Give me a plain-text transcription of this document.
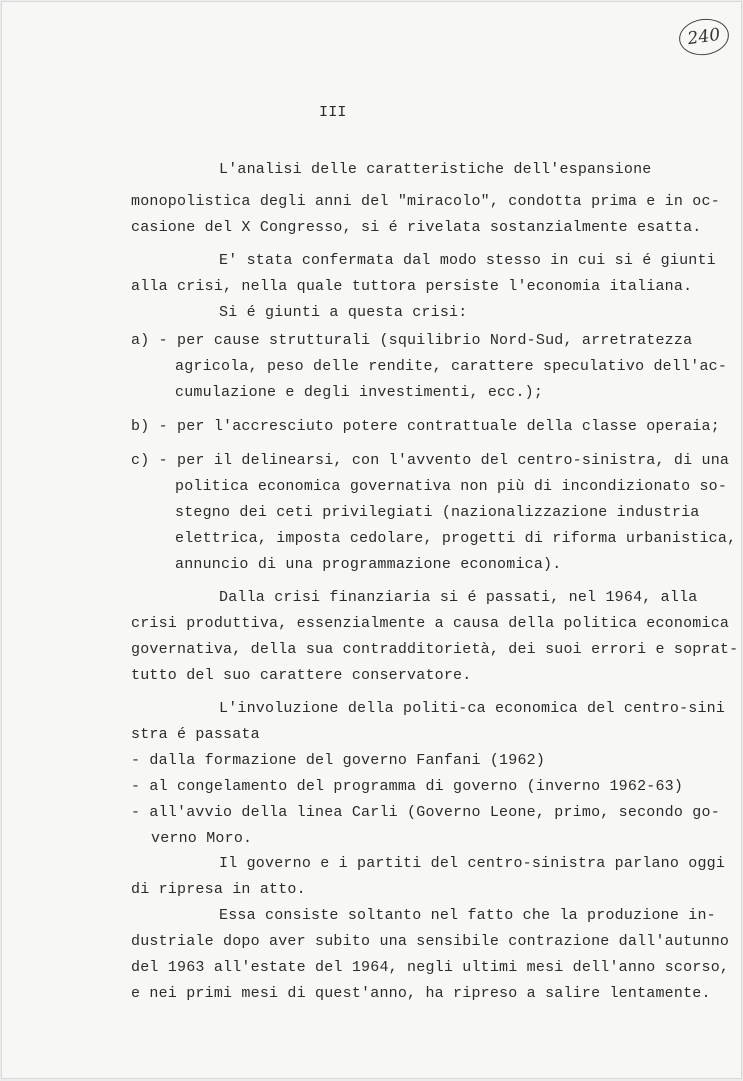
240
III
L'analisi delle caratteristiche dell'espansione
monopolistica degli anni del "miracolo", condotta prima e in oc-
casione del X Congresso, si é rivelata sostanzialmente esatta.
E' stata confermata dal modo stesso in cui si é giunti
alla crisi, nella quale tuttora persiste l'economia italiana.
Si é giunti a questa crisi:
a) - per cause strutturali (squilibrio Nord-Sud, arretratezza
agricola, peso delle rendite, carattere speculativo dell'ac-
cumulazione e degli investimenti, ecc.);
b) - per l'accresciuto potere contrattuale della classe operaia;
c) - per il delinearsi, con l'avvento del centro-sinistra, di una
politica economica governativa non più di incondizionato so-
stegno dei ceti privilegiati (nazionalizzazione industria
elettrica, imposta cedolare, progetti di riforma urbanistica,
annuncio di una programmazione economica).
Dalla crisi finanziaria si é passati, nel 1964, alla
crisi produttiva, essenzialmente a causa della politica economica
governativa, della sua contradditorietà, dei suoi errori e soprat-
tutto del suo carattere conservatore.
L'involuzione della politi-ca economica del centro-sini
stra é passata
- dalla formazione del governo Fanfani (1962)
- al congelamento del programma di governo (inverno 1962-63)
- all'avvio della linea Carli (Governo Leone, primo, secondo go-
verno Moro.
Il governo e i partiti del centro-sinistra parlano oggi
di ripresa in atto.
Essa consiste soltanto nel fatto che la produzione in-
dustriale dopo aver subito una sensibile contrazione dall'autunno
del 1963 all'estate del 1964, negli ultimi mesi dell'anno scorso,
e nei primi mesi di quest'anno, ha ripreso a salire lentamente.
